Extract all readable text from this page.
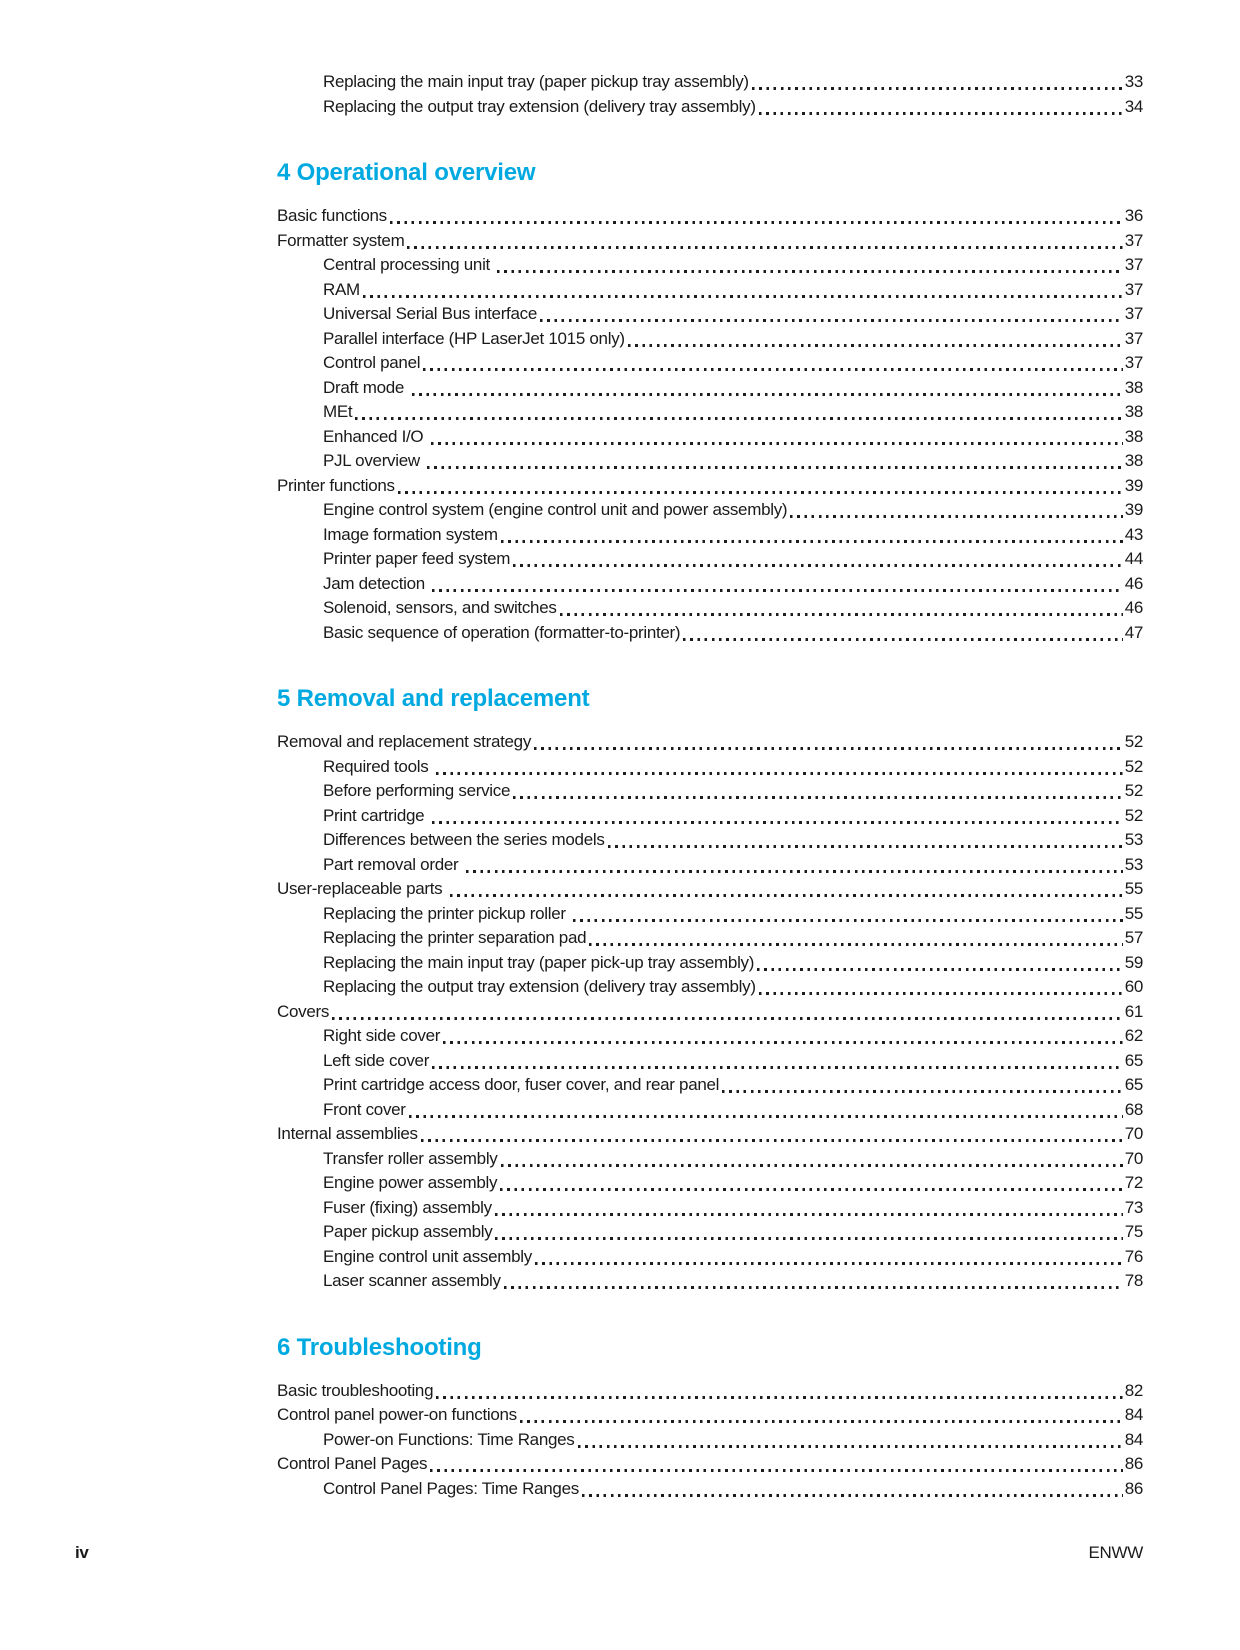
Replacing the main input tray (paper pickup tray assembly)	33
Replacing the output tray extension (delivery tray assembly)	34
4 Operational overview
Basic functions	36
Formatter system	37
Central processing unit	37
RAM	37
Universal Serial Bus interface	37
Parallel interface (HP LaserJet 1015 only)	37
Control panel	37
Draft mode	38
MEt	38
Enhanced I/O	38
PJL overview	38
Printer functions	39
Engine control system (engine control unit and power assembly)	39
Image formation system	43
Printer paper feed system	44
Jam detection	46
Solenoid, sensors, and switches	46
Basic sequence of operation (formatter-to-printer)	47
5 Removal and replacement
Removal and replacement strategy	52
Required tools	52
Before performing service	52
Print cartridge	52
Differences between the series models	53
Part removal order	53
User-replaceable parts	55
Replacing the printer pickup roller	55
Replacing the printer separation pad	57
Replacing the main input tray (paper pick-up tray assembly)	59
Replacing the output tray extension (delivery tray assembly)	60
Covers	61
Right side cover	62
Left side cover	65
Print cartridge access door, fuser cover, and rear panel	65
Front cover	68
Internal assemblies	70
Transfer roller assembly	70
Engine power assembly	72
Fuser (fixing) assembly	73
Paper pickup assembly	75
Engine control unit assembly	76
Laser scanner assembly	78
6 Troubleshooting
Basic troubleshooting	82
Control panel power-on functions	84
Power-on Functions: Time Ranges	84
Control Panel Pages	86
Control Panel Pages: Time Ranges	86
iv	ENWW
